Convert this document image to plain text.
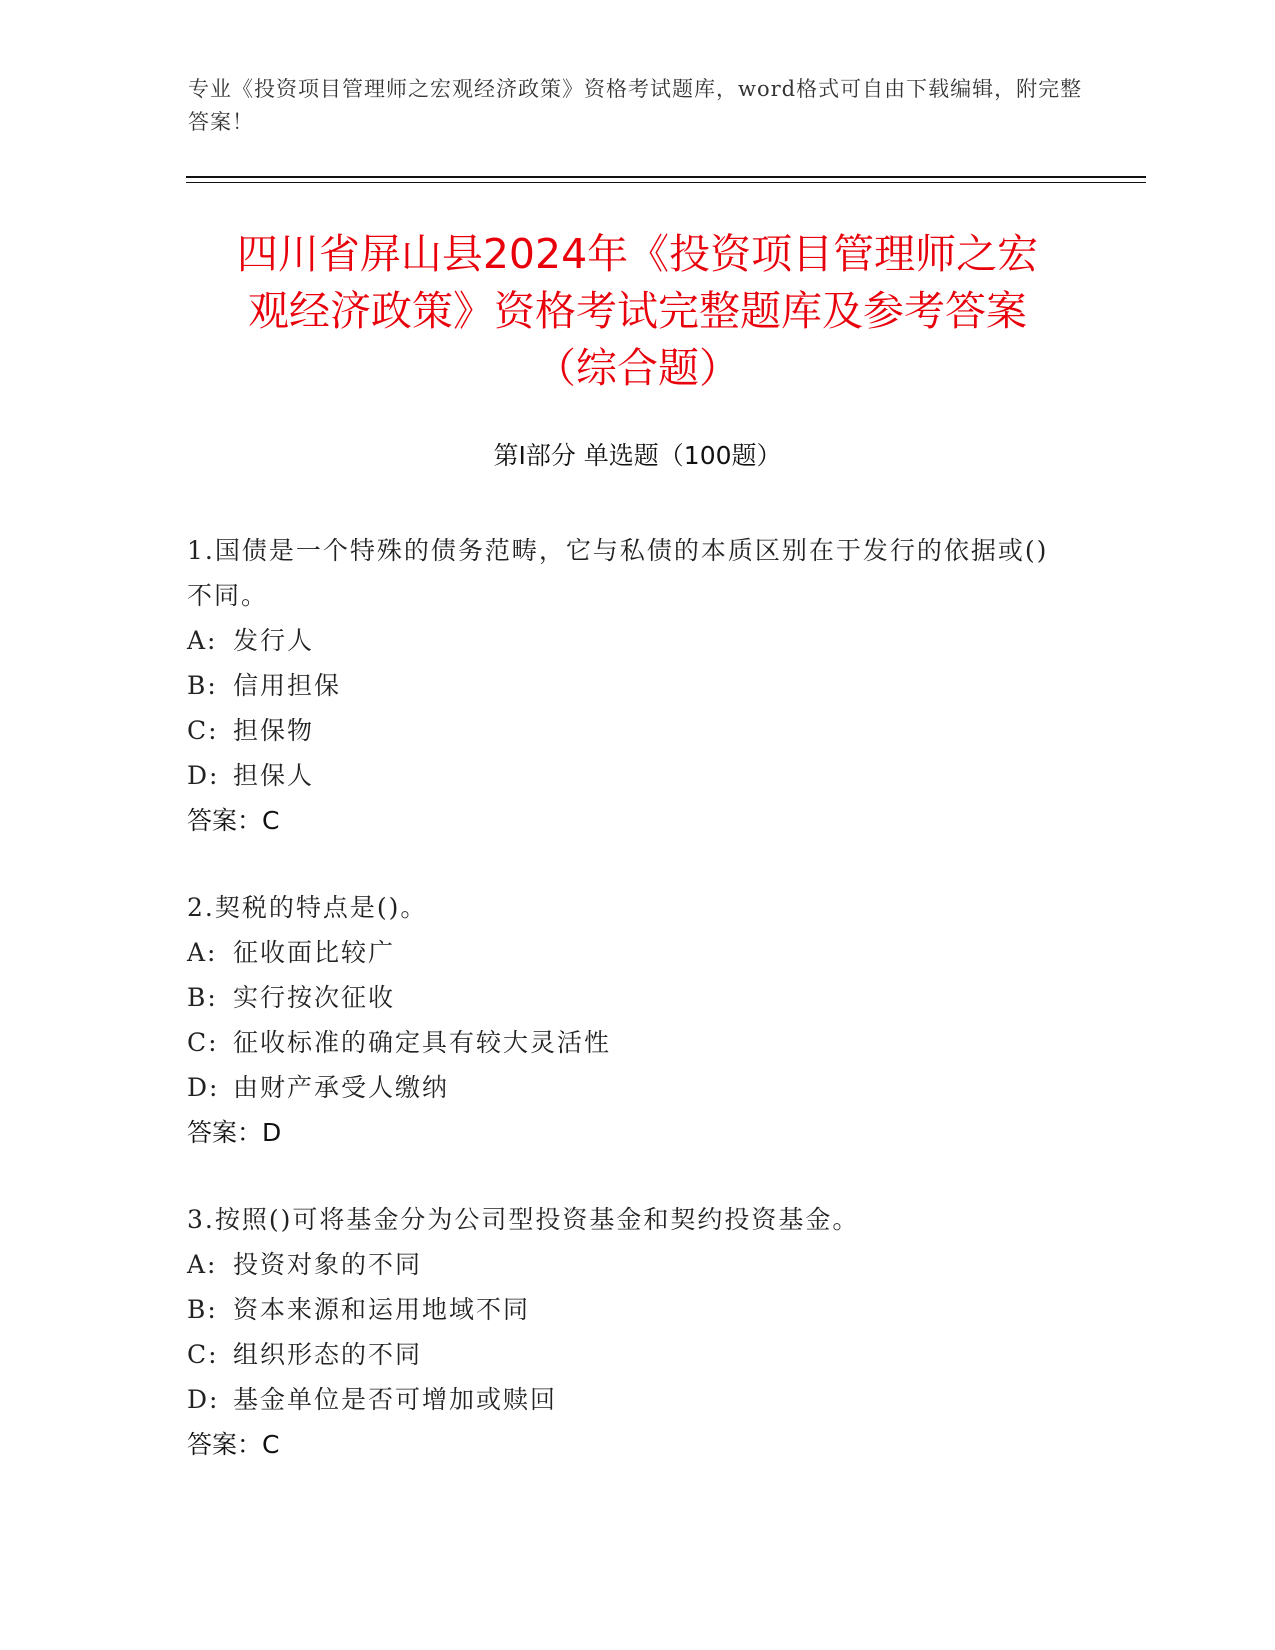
专业《投资项目管理师之宏观经济政策》资格考试题库，word格式可自由下载编辑，附完整答案！
四川省屏山县2024年《投资项目管理师之宏
观经济政策》资格考试完整题库及参考答案
（综合题）
第Ⅰ部分 单选题（100题）

1.国债是一个特殊的债务范畴，它与私债的本质区别在于发行的依据或()不同。

A: 发行人

B: 信用担保

C: 担保物

D: 担保人

答案：C

2.契税的特点是()。

A: 征收面比较广

B: 实行按次征收

C: 征收标准的确定具有较大灵活性

D: 由财产承受人缴纳

答案：D

3.按照()可将基金分为公司型投资基金和契约投资基金。

A: 投资对象的不同

B: 资本来源和运用地域不同

C: 组织形态的不同

D: 基金单位是否可增加或赎回

答案：C
